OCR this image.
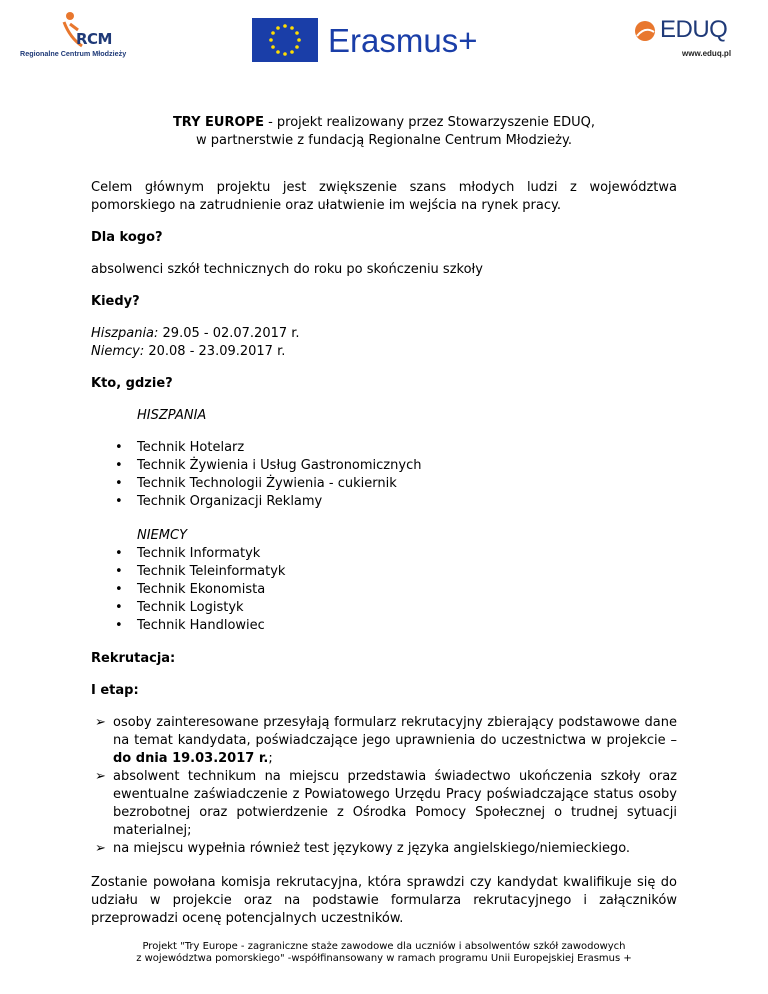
RCM
Regionalne Centrum Młodzieży	Erasmus+	EDUQ
www.eduq.pl

TRY EUROPE - projekt realizowany przez Stowarzyszenie EDUQ,

w partnerstwie z fundacją Regionalne Centrum Młodzieży.

Celem głównym projektu jest zwiększenie szans młodych ludzi z województwa pomorskiego na zatrudnienie oraz ułatwienie im wejścia na rynek pracy.

Dla kogo?

absolwenci szkół technicznych do roku po skończeniu szkoły

Kiedy?

Hiszpania: 29.05 - 02.07.2017 r.

Niemcy: 20.08 - 23.09.2017 r.

Kto, gdzie?

HISZPANIA

• Technik Hotelarz
• Technik Żywienia i Usług Gastronomicznych
• Technik Technologii Żywienia - cukiernik
• Technik Organizacji Reklamy

NIEMCY

• Technik Informatyk
• Technik Teleinformatyk
• Technik Ekonomista
• Technik Logistyk
• Technik Handlowiec

Rekrutacja:

I etap:

➢ osoby zainteresowane przesyłają formularz rekrutacyjny zbierający podstawowe dane na temat kandydata, poświadczające jego uprawnienia do uczestnictwa w projekcie – do dnia 19.03.2017 r.;
➢ absolwent technikum na miejscu przedstawia świadectwo ukończenia szkoły oraz ewentualne zaświadczenie z Powiatowego Urzędu Pracy poświadczające status osoby bezrobotnej oraz potwierdzenie z Ośrodka Pomocy Społecznej o trudnej sytuacji materialnej;
➢ na miejscu wypełnia również test językowy z języka angielskiego/niemieckiego.

Zostanie powołana komisja rekrutacyjna, która sprawdzi czy kandydat kwalifikuje się do udziału w projekcie oraz na podstawie formularza rekrutacyjnego i załączników przeprowadzi ocenę potencjalnych uczestników.

Projekt "Try Europe - zagraniczne staże zawodowe dla uczniów i absolwentów szkół zawodowych
z województwa pomorskiego" -współfinansowany w ramach programu Unii Europejskiej Erasmus +
